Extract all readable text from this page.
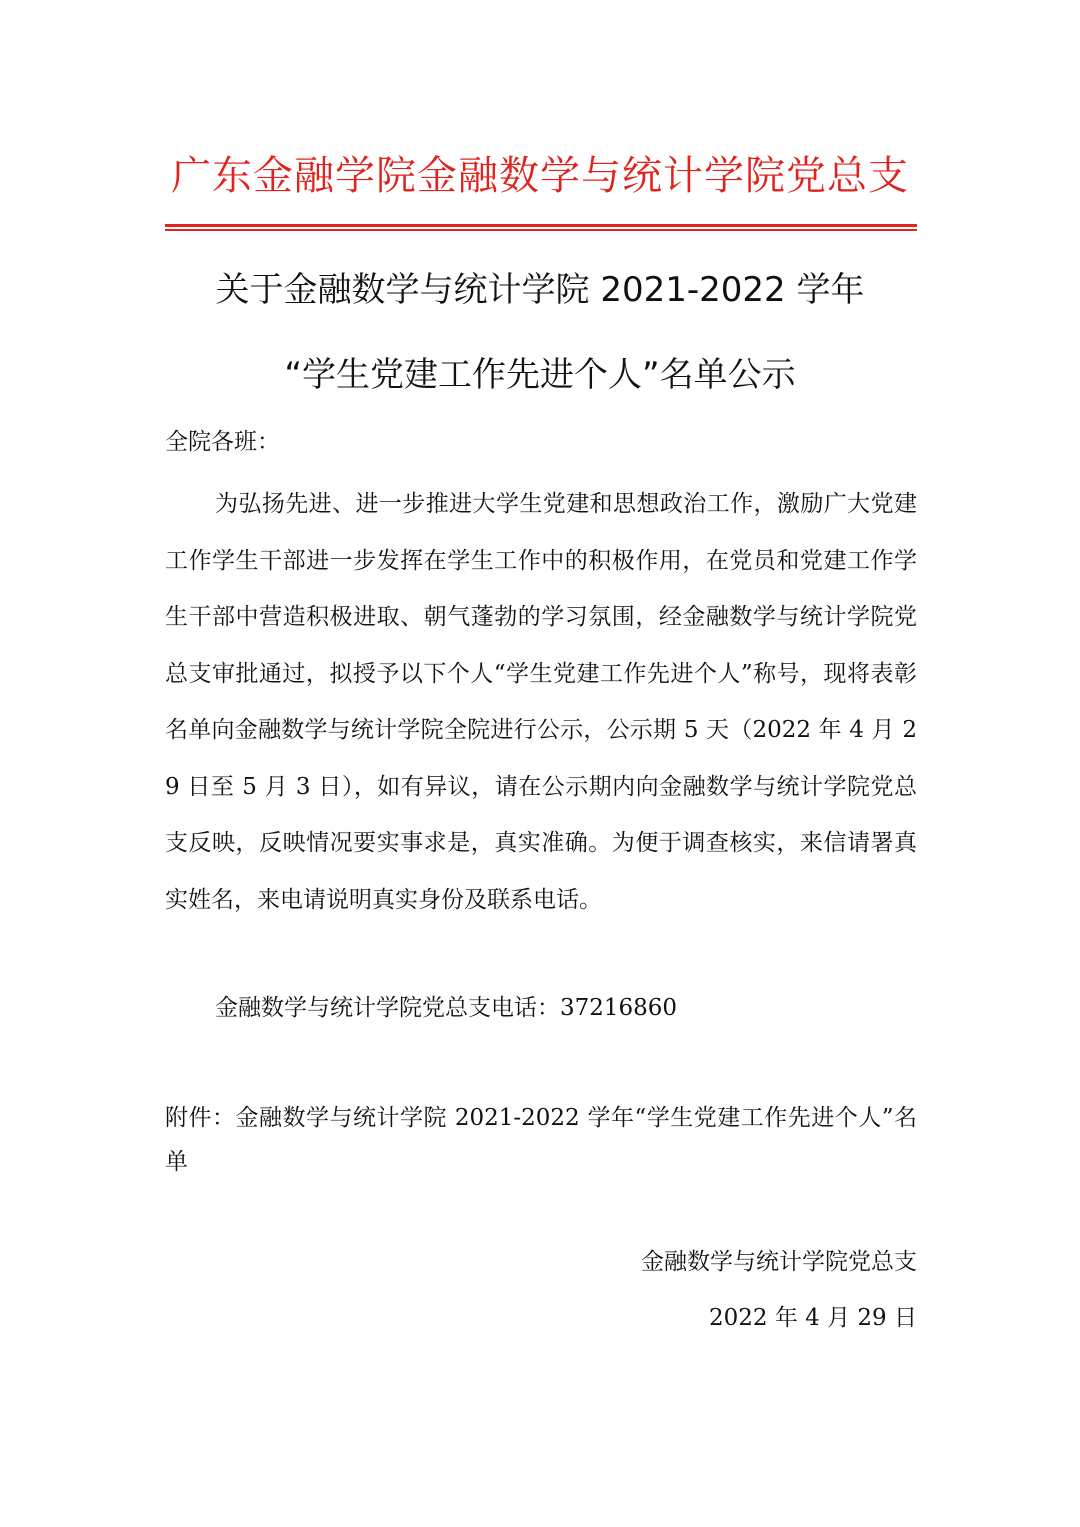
广东金融学院金融数学与统计学院党总支
关于金融数学与统计学院 2021-2022 学年
“学生党建工作先进个人”名单公示
全院各班：
为弘扬先进、进一步推进大学生党建和思想政治工作，激励广大党建工作学生干部进一步发挥在学生工作中的积极作用，在党员和党建工作学生干部中营造积极进取、朝气蓬勃的学习氛围，经金融数学与统计学院党总支审批通过，拟授予以下个人“学生党建工作先进个人”称号，现将表彰名单向金融数学与统计学院全院进行公示，公示期 5 天（2022 年 4 月 29 日至 5 月 3 日），如有异议，请在公示期内向金融数学与统计学院党总支反映，反映情况要实事求是，真实准确。为便于调查核实，来信请署真实姓名，来电请说明真实身份及联系电话。
金融数学与统计学院党总支电话：37216860
附件：金融数学与统计学院 2021-2022 学年“学生党建工作先进个人”名单
金融数学与统计学院党总支
2022 年 4 月 29 日
